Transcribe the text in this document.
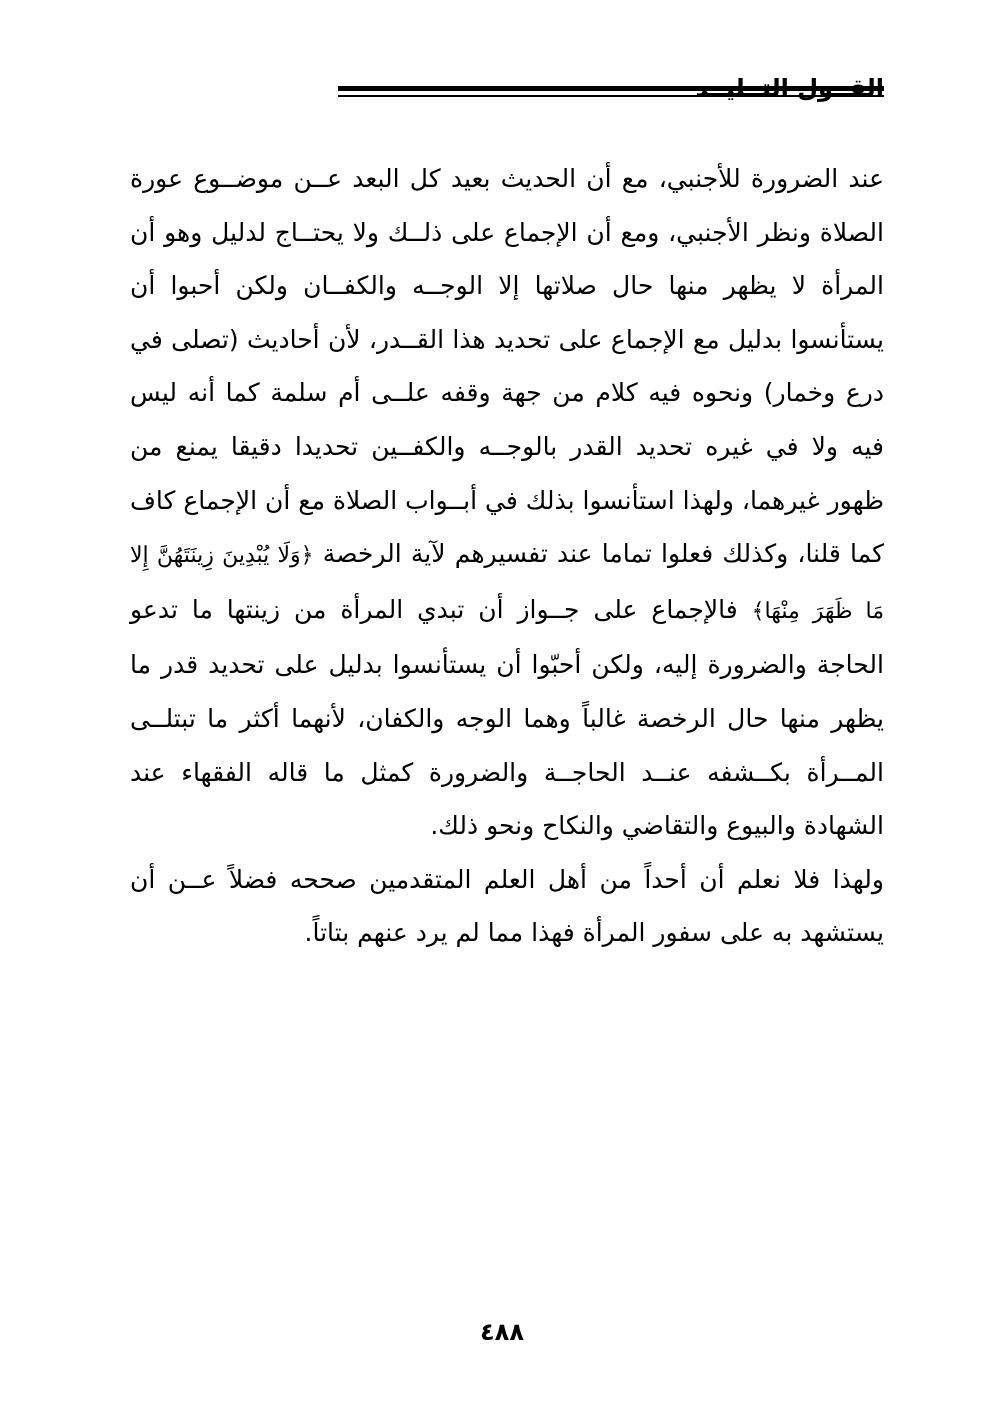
القــول التــليــد

عند الضرورة للأجنبي، مع أن الحديث بعيد كل البعد عــن موضــوع عورة الصلاة ونظر الأجنبي، ومع أن الإجماع على ذلــك ولا يحتــاج لدليل وهو أن المرأة لا يظهر منها حال صلاتها إلا الوجــه والكفــان ولكن أحبوا أن يستأنسوا بدليل مع الإجماع على تحديد هذا القــدر، لأن أحاديث (تصلى في درع وخمار) ونحوه فيه كلام من جهة وقفه علــى أم سلمة كما أنه ليس فيه ولا في غيره تحديد القدر بالوجــه والكفــين تحديدا دقيقا يمنع من ظهور غيرهما، ولهذا استأنسوا بذلك في أبــواب الصلاة مع أن الإجماع كاف كما قلنا، وكذلك فعلوا تماما عند تفسيرهم لآية الرخصة ﴿وَلَا يُبْدِينَ زِينَتَهُنَّ إِلا مَا ظَهَرَ مِنْهَا﴾ فالإجماع على جــواز أن تبدي المرأة من زينتها ما تدعو الحاجة والضرورة إليه، ولكن أحبّوا أن يستأنسوا بدليل على تحديد قدر ما يظهر منها حال الرخصة غالباً وهما الوجه والكفان، لأنهما أكثر ما تبتلــى المــرأة بكــشفه عنــد الحاجــة والضرورة كمثل ما قاله الفقهاء عند الشهادة والبيوع والتقاضي والنكاح ونحو ذلك.

ولهذا فلا نعلم أن أحداً من أهل العلم المتقدمين صححه فضلاً عــن أن يستشهد به على سفور المرأة فهذا مما لم يرد عنهم بتاتاً.

٤٨٨
